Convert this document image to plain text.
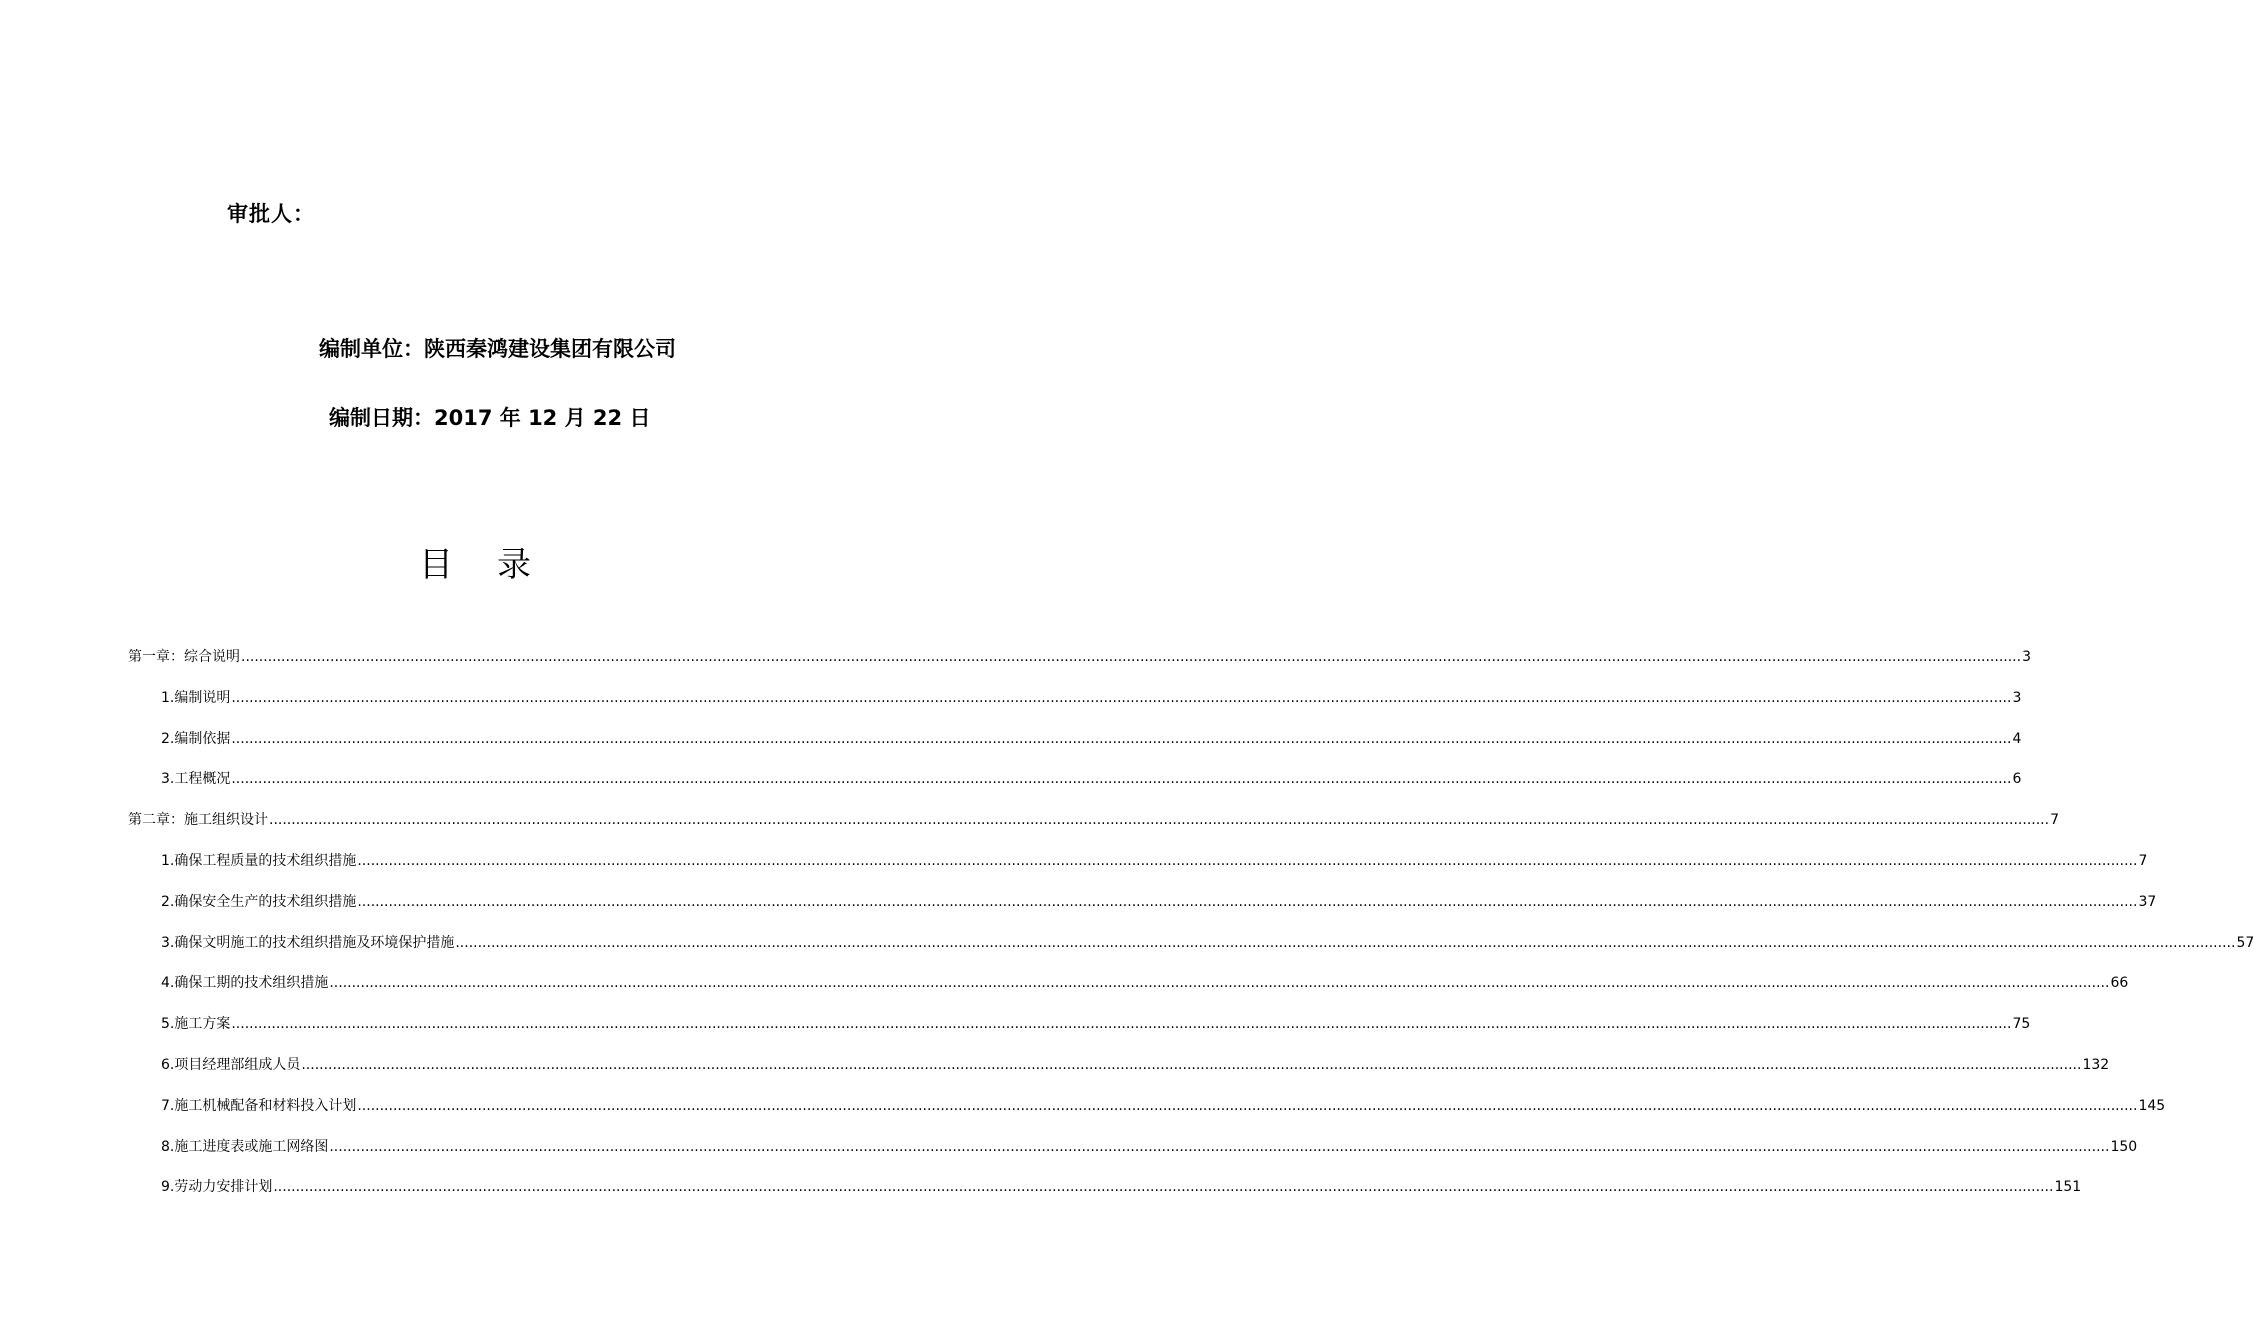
审批人：
编制单位：陕西秦鸿建设集团有限公司
编制日期：2017 年 12 月 22 日
目 录
第一章：综合说明 ................................................................................................................................................................................................................................................................................................................................................................................................................ 3
1.编制说明 ................................................................................................................................................................................................................................................................................................................................................................................................................ 3
2.编制依据 ................................................................................................................................................................................................................................................................................................................................................................................................................ 4
3.工程概况 ................................................................................................................................................................................................................................................................................................................................................................................................................ 6
第二章：施工组织设计 ................................................................................................................................................................................................................................................................................................................................................................................................................ 7
1.确保工程质量的技术组织措施 ................................................................................................................................................................................................................................................................................................................................................................................................................ 7
2.确保安全生产的技术组织措施 ................................................................................................................................................................................................................................................................................................................................................................................................................ 37
3.确保文明施工的技术组织措施及环境保护措施 ................................................................................................................................................................................................................................................................................................................................................................................................................ 57
4.确保工期的技术组织措施 ................................................................................................................................................................................................................................................................................................................................................................................................................ 66
5.施工方案 ................................................................................................................................................................................................................................................................................................................................................................................................................ 75
6.项目经理部组成人员 ................................................................................................................................................................................................................................................................................................................................................................................................................ 132
7.施工机械配备和材料投入计划 ................................................................................................................................................................................................................................................................................................................................................................................................................ 145
8.施工进度表或施工网络图 ................................................................................................................................................................................................................................................................................................................................................................................................................ 150
9.劳动力安排计划 ................................................................................................................................................................................................................................................................................................................................................................................................................ 151
